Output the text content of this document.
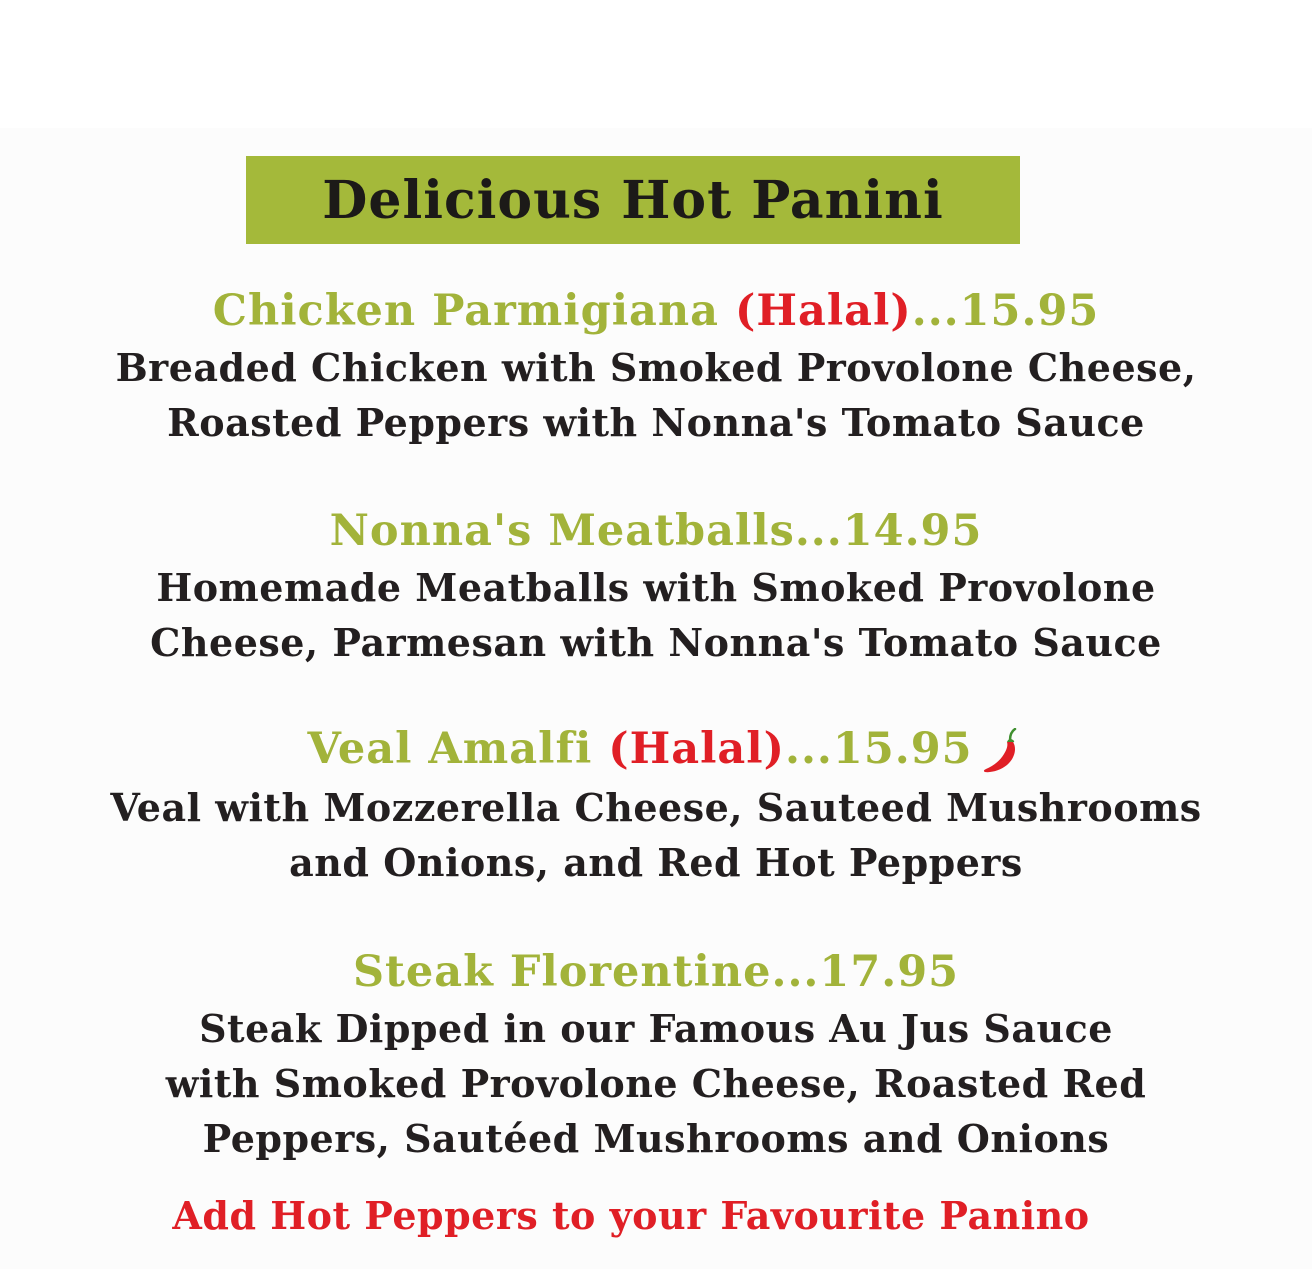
Delicious Hot Panini
Chicken Parmigiana (Halal)...15.95
Breaded Chicken with Smoked Provolone Cheese,
Roasted Peppers with Nonna's Tomato Sauce
Nonna's Meatballs...14.95
Homemade Meatballs with Smoked Provolone
Cheese, Parmesan with Nonna's Tomato Sauce
Veal Amalfi (Halal)...15.95
Veal with Mozzerella Cheese, Sauteed Mushrooms
and Onions, and Red Hot Peppers
Steak Florentine...17.95
Steak Dipped in our Famous Au Jus Sauce
with Smoked Provolone Cheese, Roasted Red
Peppers, Sautéed Mushrooms and Onions
Add Hot Peppers to your Favourite Panino
